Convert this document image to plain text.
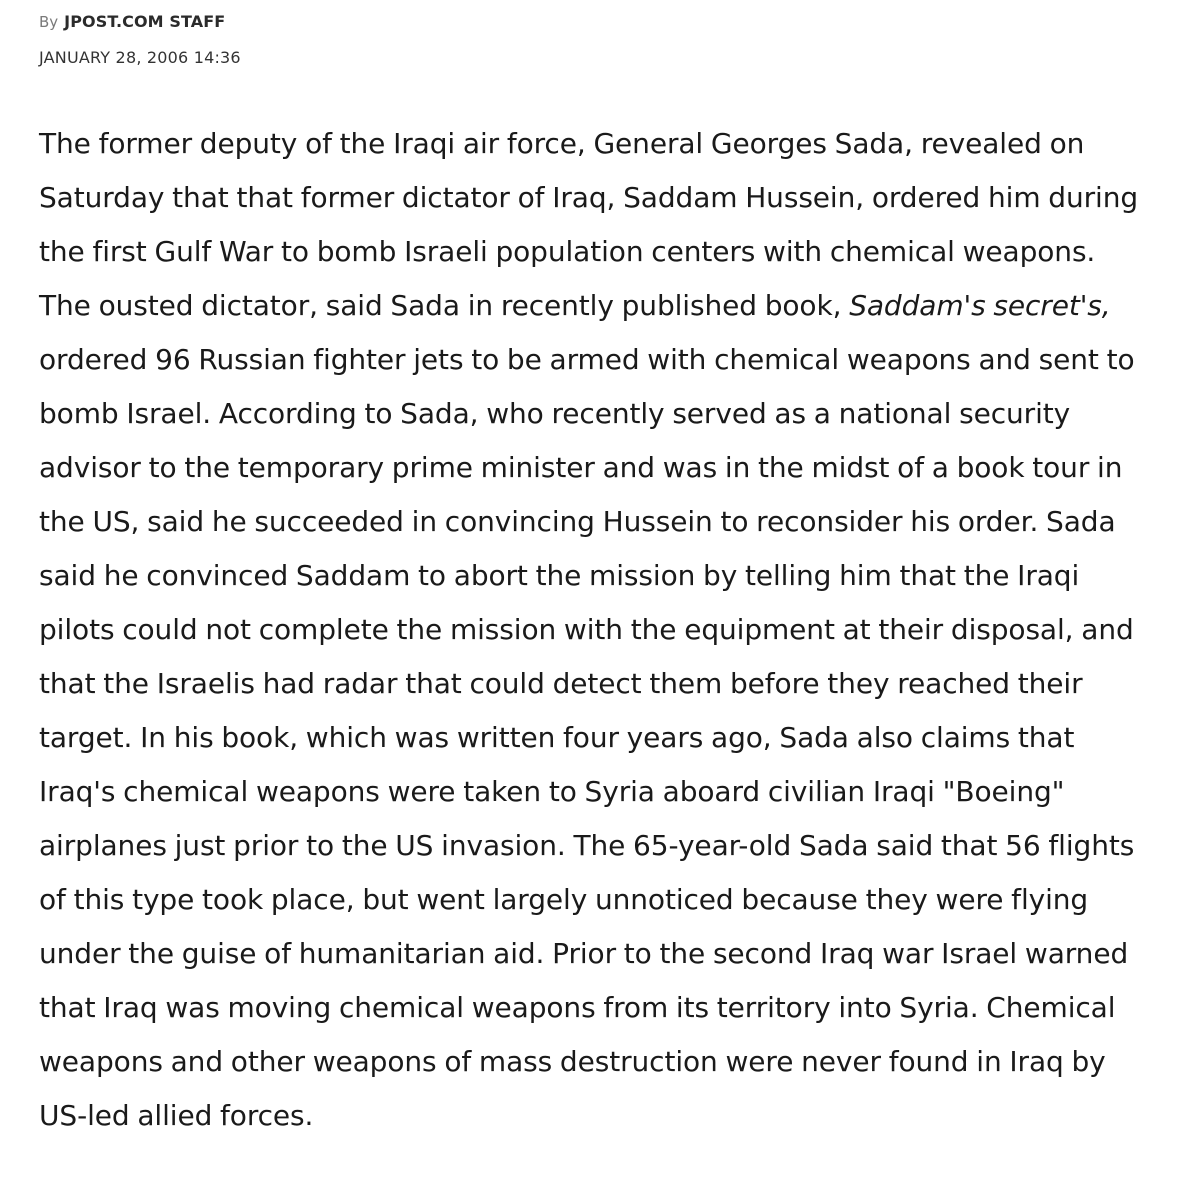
By JPOST.COM STAFF
JANUARY 28, 2006 14:36

The former deputy of the Iraqi air force, General Georges Sada, revealed on Saturday that that former dictator of Iraq, Saddam Hussein, ordered him during the first Gulf War to bomb Israeli population centers with chemical weapons. The ousted dictator, said Sada in recently published book, Saddam's secret's, ordered 96 Russian fighter jets to be armed with chemical weapons and sent to bomb Israel. According to Sada, who recently served as a national security advisor to the temporary prime minister and was in the midst of a book tour in the US, said he succeeded in convincing Hussein to reconsider his order. Sada said he convinced Saddam to abort the mission by telling him that the Iraqi pilots could not complete the mission with the equipment at their disposal, and that the Israelis had radar that could detect them before they reached their target. In his book, which was written four years ago, Sada also claims that Iraq's chemical weapons were taken to Syria aboard civilian Iraqi "Boeing" airplanes just prior to the US invasion. The 65-year-old Sada said that 56 flights of this type took place, but went largely unnoticed because they were flying under the guise of humanitarian aid. Prior to the second Iraq war Israel warned that Iraq was moving chemical weapons from its territory into Syria. Chemical weapons and other weapons of mass destruction were never found in Iraq by US-led allied forces.
